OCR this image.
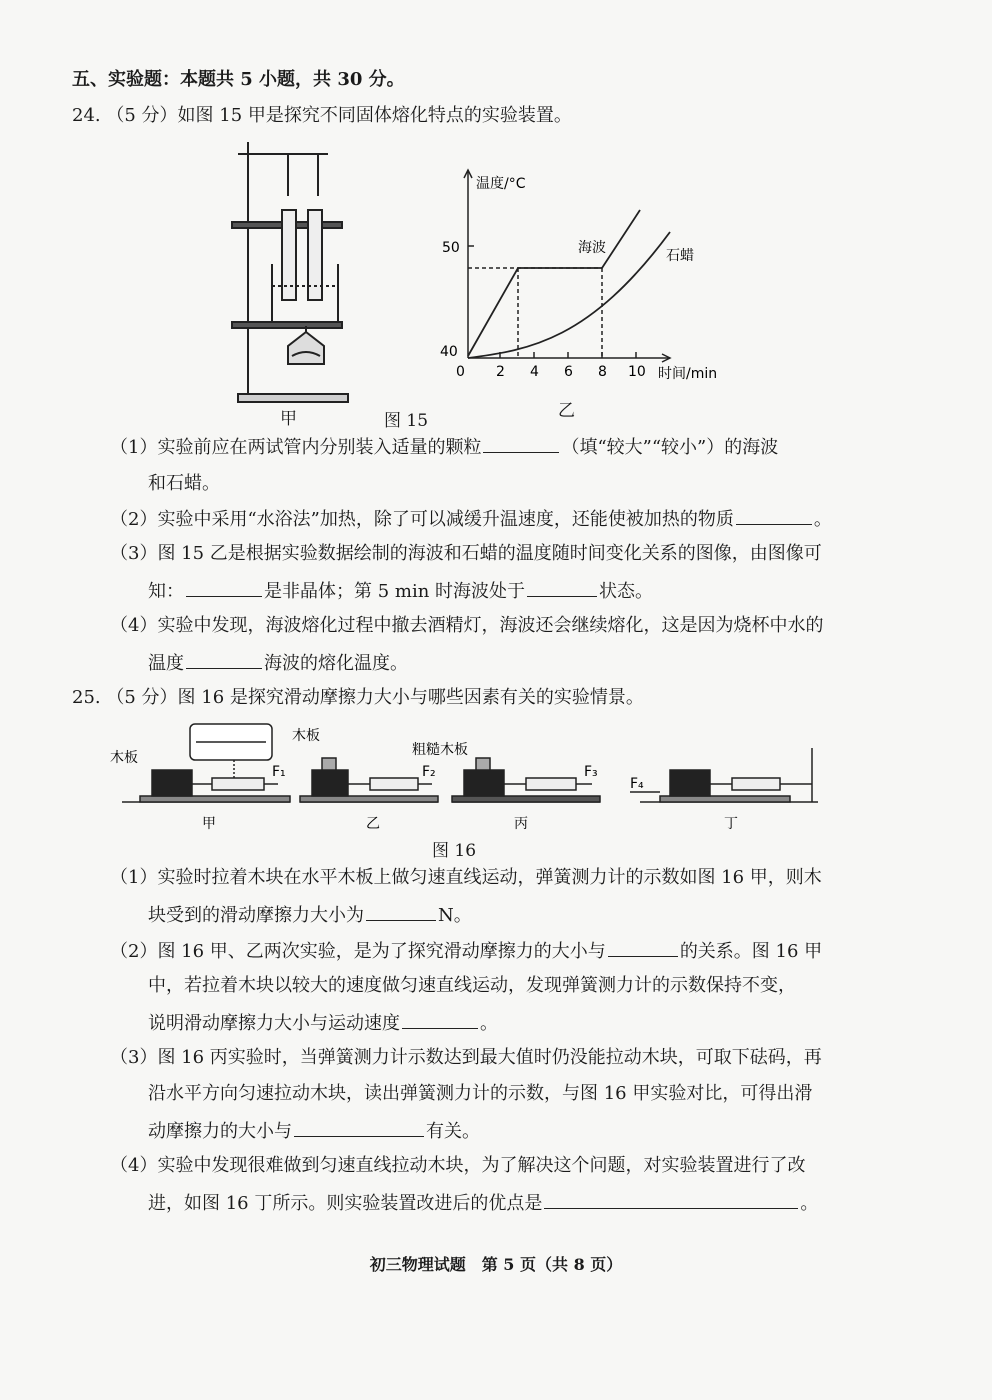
五、实验题：本题共 5 小题，共 30 分。
24. （5 分）如图 15 甲是探究不同固体熔化特点的实验装置。
甲	图 15	乙
温度/°C
50
40
0 2 4 6 8 10 时间/min
海波	石蜡
（1）实验前应在两试管内分别装入适量的颗粒	（填“较大”“较小”）的海波
和石蜡。
（2）实验中采用“水浴法”加热，除了可以减缓升温速度，还能使被加热的物质	。
（3）图 15 乙是根据实验数据绘制的海波和石蜡的温度随时间变化关系的图像，由图像可
知：	是非晶体；第 5 min 时海波处于	状态。
（4）实验中发现，海波熔化过程中撤去酒精灯，海波还会继续熔化，这是因为烧杯中水的
温度	海波的熔化温度。
25. （5 分）图 16 是探究滑动摩擦力大小与哪些因素有关的实验情景。
木板
木板
粗糙木板
F₁	F₂	F₃
F₄
甲	乙	丙	丁
图 16
（1）实验时拉着木块在水平木板上做匀速直线运动，弹簧测力计的示数如图 16 甲，则木
块受到的滑动摩擦力大小为	N。
（2）图 16 甲、乙两次实验，是为了探究滑动摩擦力的大小与	的关系。图 16 甲
中，若拉着木块以较大的速度做匀速直线运动，发现弹簧测力计的示数保持不变，
说明滑动摩擦力大小与运动速度	。
（3）图 16 丙实验时，当弹簧测力计示数达到最大值时仍没能拉动木块，可取下砝码，再
沿水平方向匀速拉动木块，读出弹簧测力计的示数，与图 16 甲实验对比，可得出滑
动摩擦力的大小与	有关。
（4）实验中发现很难做到匀速直线拉动木块，为了解决这个问题，对实验装置进行了改
进，如图 16 丁所示。则实验装置改进后的优点是	。
初三物理试题　第 5 页（共 8 页）
